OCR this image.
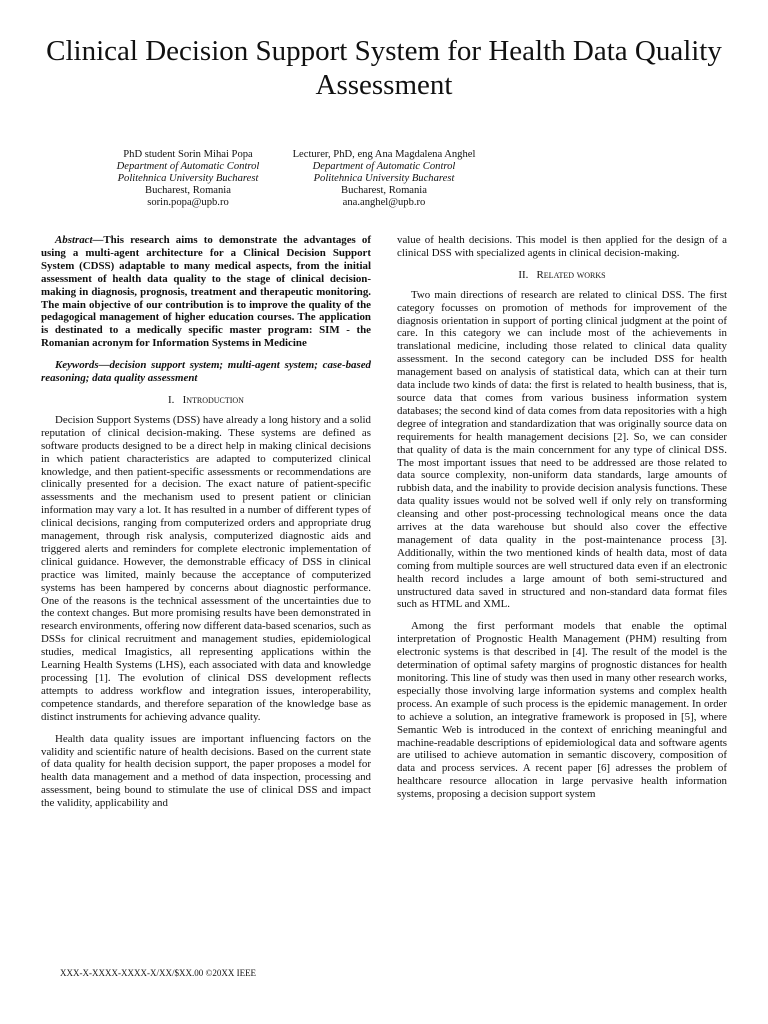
Clinical Decision Support System for Health Data Quality Assessment
PhD student Sorin Mihai Popa
Department of Automatic Control
Politehnica University Bucharest
Bucharest, Romania
sorin.popa@upb.ro
Lecturer, PhD, eng Ana Magdalena Anghel
Department of Automatic Control
Politehnica University Bucharest
Bucharest, Romania
ana.anghel@upb.ro

Abstract—This research aims to demonstrate the advantages of using a multi-agent architecture for a Clinical Decision Support System (CDSS) adaptable to many medical aspects, from the initial assessment of health data quality to the stage of clinical decision-making in diagnosis, prognosis, treatment and therapeutic monitoring. The main objective of our contribution is to improve the quality of the pedagogical management of higher education courses. The application is destinated to a medically specific master program: SIM - the Romanian acronym for Information Systems in Medicine

Keywords—decision support system; multi-agent system; case-based reasoning; data quality assessment

I. Introduction

Decision Support Systems (DSS) have already a long history and a solid reputation of clinical decision-making. These systems are defined as software products designed to be a direct help in making clinical decisions in which patient characteristics are adapted to computerized clinical knowledge, and then patient-specific assessments or recommendations are clinically presented for a decision. The exact nature of patient-specific assessments and the mechanism used to present patient or clinician information may vary a lot. It has resulted in a number of different types of clinical decisions, ranging from computerized orders and appropriate drug management, through risk analysis, computerized diagnostic aids and triggered alerts and reminders for complete electronic implementation of clinical guidance. However, the demonstrable efficacy of DSS in clinical practice was limited, mainly because the acceptance of computerized systems has been hampered by concerns about diagnostic performance. One of the reasons is the technical assessment of the uncertainties due to the context changes. But more promising results have been demonstrated in research environments, offering now different data-based scenarios, such as DSSs for clinical recruitment and management studies, epidemiological studies, medical Imagistics, all representing applications within the Learning Health Systems (LHS), each associated with data and knowledge processing [1]. The evolution of clinical DSS development reflects attempts to address workflow and integration issues, interoperability, competence standards, and therefore separation of the knowledge base as distinct instruments for achieving advance quality.

Health data quality issues are important influencing factors on the validity and scientific nature of health decisions. Based on the current state of data quality for health decision support, the paper proposes a model for health data management and a method of data inspection, processing and assessment, being bound to stimulate the use of clinical DSS and impact the validity, applicability and

value of health decisions. This model is then applied for the design of a clinical DSS with specialized agents in clinical decision-making.

II. Related works

Two main directions of research are related to clinical DSS. The first category focusses on promotion of methods for improvement of the diagnosis orientation in support of porting clinical judgment at the point of care. In this category we can include most of the achievements in translational medicine, including those related to clinical data quality assessment. In the second category can be included DSS for health management based on analysis of statistical data, which can at their turn data include two kinds of data: the first is related to health business, that is, source data that comes from various business information system databases; the second kind of data comes from data repositories with a high degree of integration and standardization that was originally source data on requirements for health management decisions [2]. So, we can consider that quality of data is the main concernment for any type of clinical DSS. The most important issues that need to be addressed are those related to data source complexity, non-uniform data standards, large amounts of rubbish data, and the inability to provide decision analysis functions. These data quality issues would not be solved well if only rely on transforming cleansing and other post-processing technological means once the data arrives at the data warehouse but should also cover the effective management of data quality in the post-maintenance process [3]. Additionally, within the two mentioned kinds of health data, most of data coming from multiple sources are well structured data even if an electronic health record includes a large amount of both semi-structured and unstructured data saved in structured and non-standard data format files such as HTML and XML.

Among the first performant models that enable the optimal interpretation of Prognostic Health Management (PHM) resulting from electronic systems is that described in [4]. The result of the model is the determination of optimal safety margins of prognostic distances for health monitoring. This line of study was then used in many other research works, especially those involving large information systems and complex health process. An example of such process is the epidemic management. In order to achieve a solution, an integrative framework is proposed in [5], where Semantic Web is introduced in the context of enriching meaningful and machine-readable descriptions of epidemiological data and software agents are utilised to achieve automation in semantic discovery, composition of data and process services. A recent paper [6] adresses the problem of healthcare resource allocation in large pervasive health information systems, proposing a decision support system

XXX-X-XXXX-XXXX-X/XX/$XX.00 ©20XX IEEE
